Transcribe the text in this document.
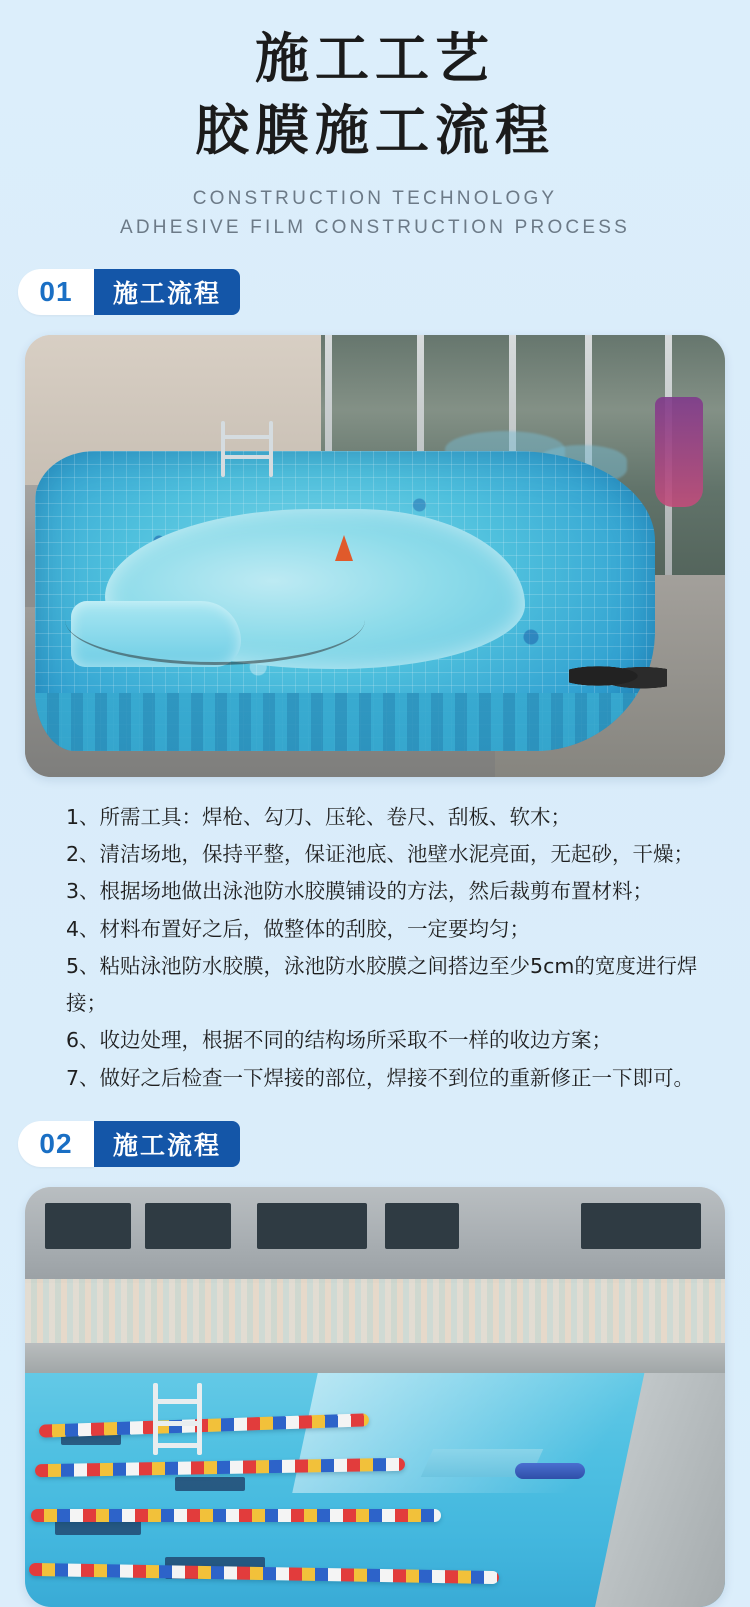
施工工艺
胶膜施工流程
CONSTRUCTION TECHNOLOGY
ADHESIVE FILM CONSTRUCTION PROCESS
01	施工流程
1、所需工具：焊枪、勾刀、压轮、卷尺、刮板、软木；
2、清洁场地，保持平整，保证池底、池壁水泥亮面，无起砂，干燥；
3、根据场地做出泳池防水胶膜铺设的方法，然后裁剪布置材料；
4、材料布置好之后，做整体的刮胶，一定要均匀；
5、粘贴泳池防水胶膜，泳池防水胶膜之间搭边至少5cm的宽度进行焊接；
6、收边处理，根据不同的结构场所采取不一样的收边方案；
7、做好之后检查一下焊接的部位，焊接不到位的重新修正一下即可。
02	施工流程
